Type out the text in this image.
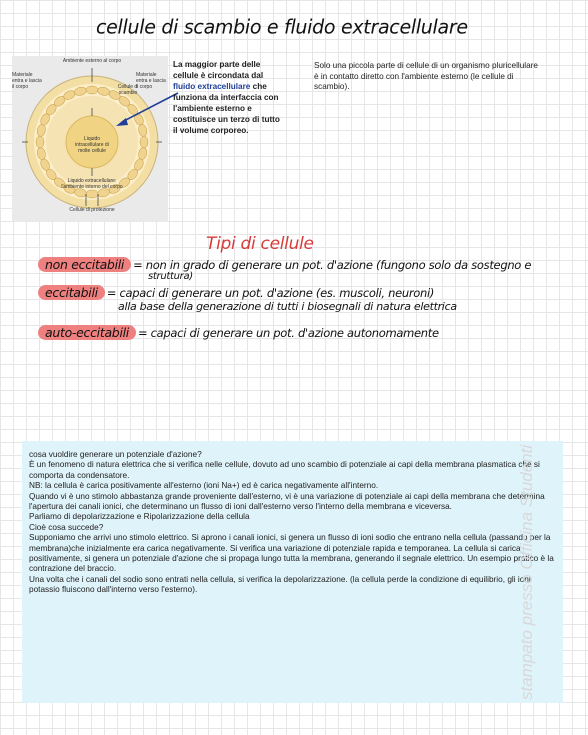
cellule di scambio e fluido extracellulare
Ambiente esterno al corpo
Materiale entra e lascia il corpo
Materiale entra e lascia il corpo
Cellule di scambio
Liquido intracellulare di molte cellule
Liquido extracellulare: l'ambiente interno del corpo
Cellule di protezione
La maggior parte delle cellule è circondata dal fluido extracellulare che funziona da interfaccia con l'ambiente esterno e costituisce un terzo di tutto il volume corporeo.
Solo una piccola parte di cellule di un organismo pluricellulare è in contatto diretto con l'ambiente esterno (le cellule di scambio).
Tipi di cellule
non eccitabili = non in grado di generare un pot. d'azione (fungono solo da sostegno e
struttura)
eccitabili = capaci di generare un pot. d'azione (es. muscoli, neuroni)
alla base della generazione di tutti i biosegnali di natura elettrica
auto-eccitabili = capaci di generare un pot. d'azione autonomamente

cosa vuoldire generare un potenziale d'azione?

È un fenomeno di natura elettrica che si verifica nelle cellule, dovuto ad uno scambio di potenziale ai capi della membrana plasmatica che si comporta da condensatore.

NB: la cellula è carica positivamente all'esterno (ioni Na+) ed è carica negativamente all'interno.

Quando vi è uno stimolo abbastanza grande proveniente dall'esterno, vi è una variazione di potenziale ai capi della membrana che determina l'apertura dei canali ionici, che determinano un flusso di ioni dall'esterno verso l'interno della membrana e viceversa.

Parliamo di depolarizzazione e Ripolarizzazione della cellula

Cioè cosa succede?

Supponiamo che arrivi uno stimolo elettrico. Si aprono i canali ionici, si genera un flusso di ioni sodio che entrano nella cellula (passando per la membrana)che inizialmente era carica negativamente. Si verifica una variazione di potenziale rapida e temporanea. La cellula si carica positivamente, si genera un potenziale d'azione che si propaga lungo tutta la membrana, generando il segnale elettrico. Un esempio pratico è la contrazione del braccio.

Una volta che i canali del sodio sono entrati nella cellula, si verifica la depolarizzazione. (la cellula perde la condizione di equilibrio, gli ioni potassio fluiscono dall'interno verso l'esterno).	stampato presso Officina Studenti
